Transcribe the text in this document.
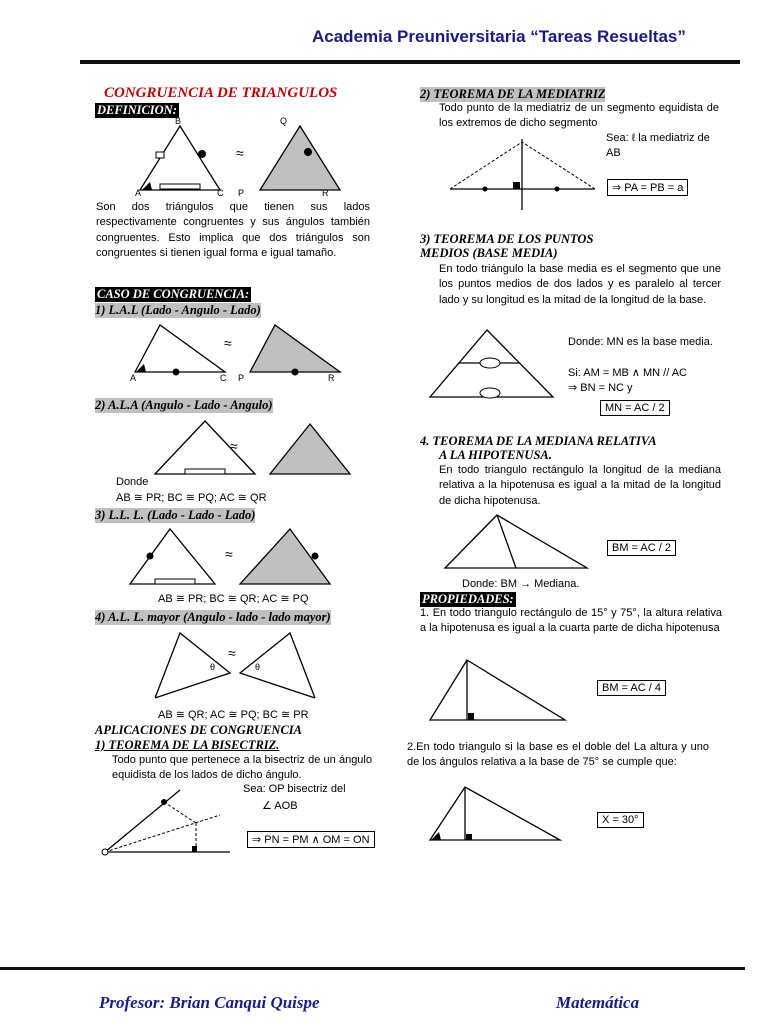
Academia Preuniversitaria “Tareas Resueltas”
CONGRUENCIA DE TRIANGULOS
DEFINICION:
≈
A	C
B
P	R
Q
Son dos triángulos que tienen sus lados respectivamente congruentes y sus ángulos también congruentes. Esto implica que dos triángulos son congruentes si tienen igual forma e igual tamaño.
CASO DE CONGRUENCIA:
1) L.A.L (Lado - Angulo - Lado)
≈
A	C P	R
2) A.L.A (Angulo - Lado - Angulo)
≈
Donde
AB ≅ PR; BC ≅ PQ; AC ≅ QR
3) L.L. L. (Lado - Lado - Lado)
≈
AB ≅ PR; BC ≅ QR; AC ≅ PQ
4) A.L. L. mayor (Angulo - lado - lado mayor)
≈
θ	θ
AB ≅ QR; AC ≅ PQ; BC ≅ PR
APLICACIONES DE CONGRUENCIA
1) TEOREMA DE LA BISECTRIZ.
Todo punto que pertenece a la bisectriz de un ángulo equidista de los lados de dicho ángulo.
Sea: OP bisectriz del
∠ AOB
⇒ PN = PM ∧ OM = ON
2) TEOREMA DE LA MEDIATRIZ
Todo punto de la mediatriz de un segmento equidista de los extremos de dicho segmento
Sea: ℓ la mediatriz de AB
⇒ PA = PB = a
3) TEOREMA DE LOS PUNTOS
MEDIOS (BASE MEDIA)
En todo triángulo la base media es el segmento que une los puntos medios de dos lados y es paralelo al tercer lado y su longitud es la mitad de la longitud de la base.
Donde: MN es la base media.
Si: AM = MB ∧ MN // AC
⇒ BN = NC y
MN = AC / 2
4. TEOREMA DE LA MEDIANA RELATIVA
A LA HIPOTENUSA.
En todo triangulo rectángulo la longitud de la mediana relativa a la hipotenusa es igual a la mitad de la longitud de dicha hipotenusa.
Donde: BM → Mediana.
BM = AC / 2
PROPIEDADES:
1. En todo triangulo rectángulo de 15° y 75°, la altura relativa a la hipotenusa es igual a la cuarta parte de dicha hipotenusa
BM = AC / 4
2.En todo triangulo si la base es el doble del La altura y uno de los ángulos relativa a la base de 75° se cumple que:
X = 30°
Profesor: Brian Canqui Quispe	Matemática
